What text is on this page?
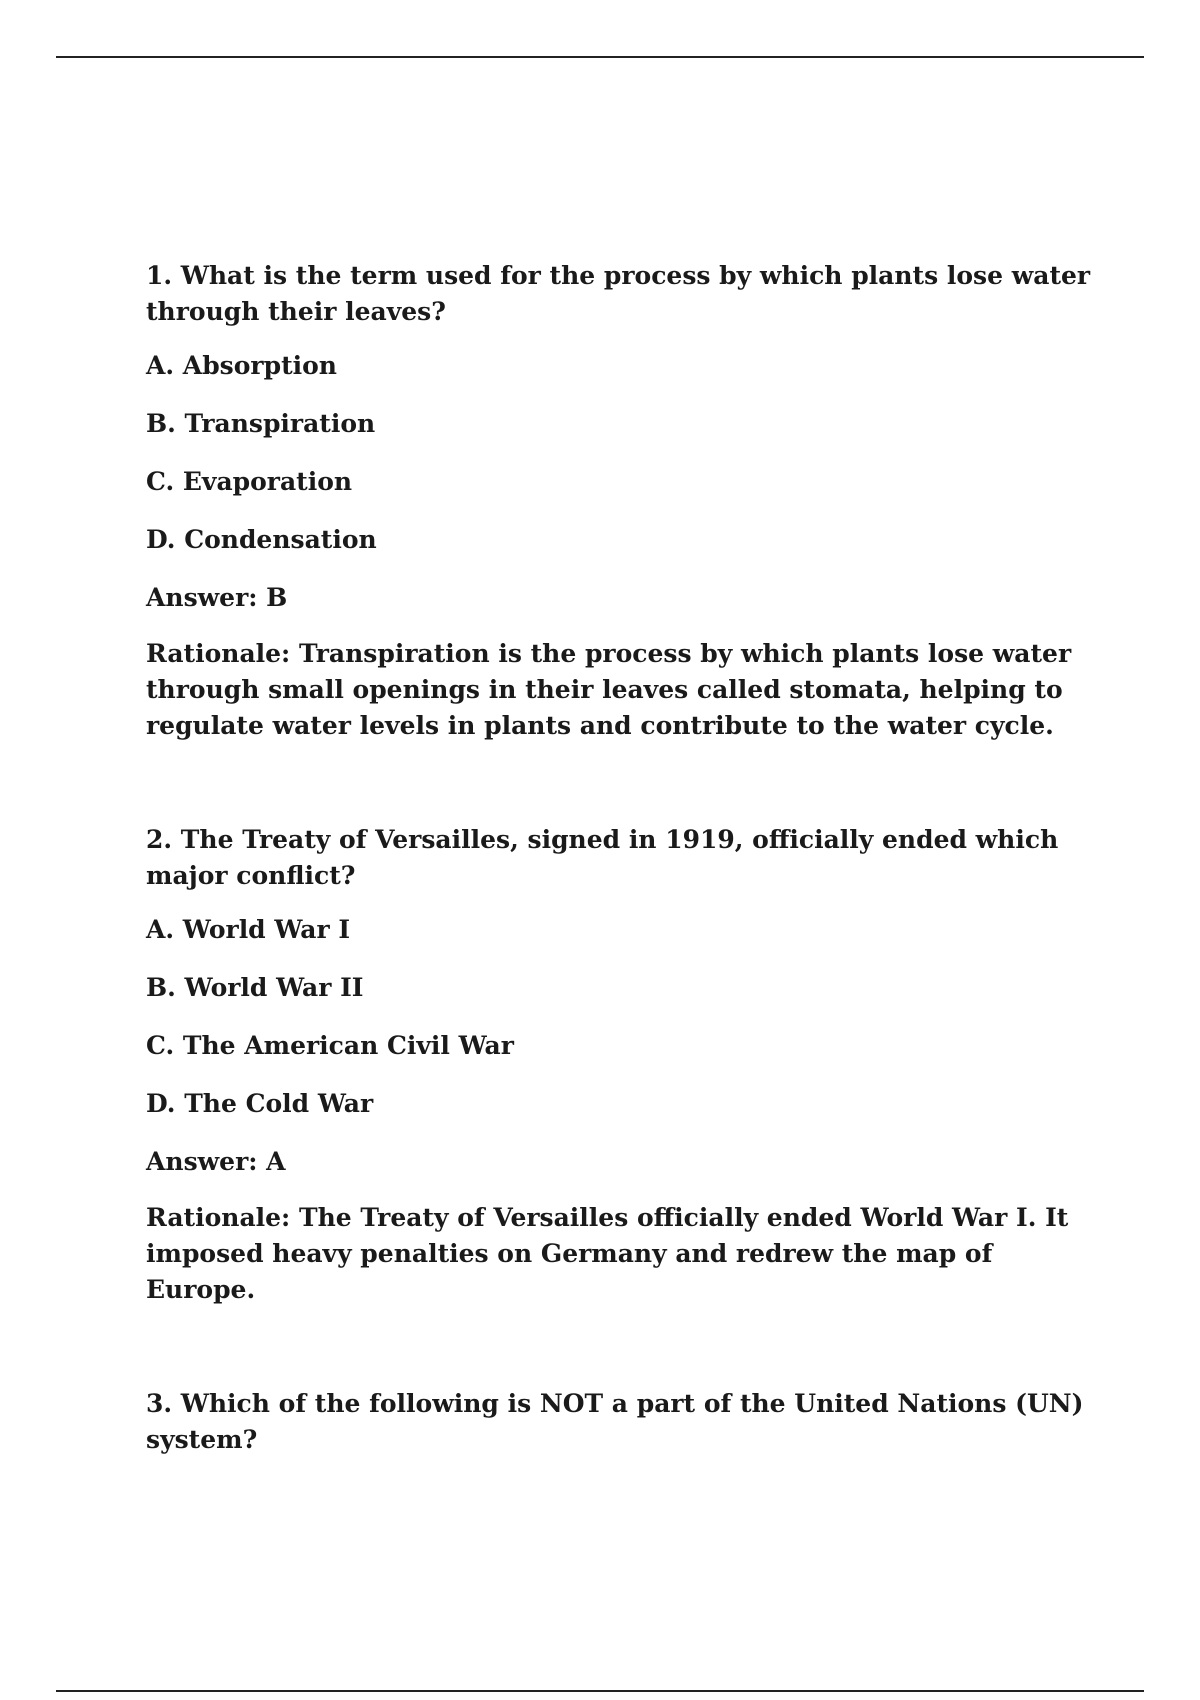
1. What is the term used for the process by which plants lose water through their leaves?

A. Absorption

B. Transpiration

C. Evaporation

D. Condensation

Answer: B

Rationale: Transpiration is the process by which plants lose water through small openings in their leaves called stomata, helping to regulate water levels in plants and contribute to the water cycle.

2. The Treaty of Versailles, signed in 1919, officially ended which major conflict?

A. World War I

B. World War II

C. The American Civil War

D. The Cold War

Answer: A

Rationale: The Treaty of Versailles officially ended World War I. It imposed heavy penalties on Germany and redrew the map of Europe.

3. Which of the following is NOT a part of the United Nations (UN) system?
